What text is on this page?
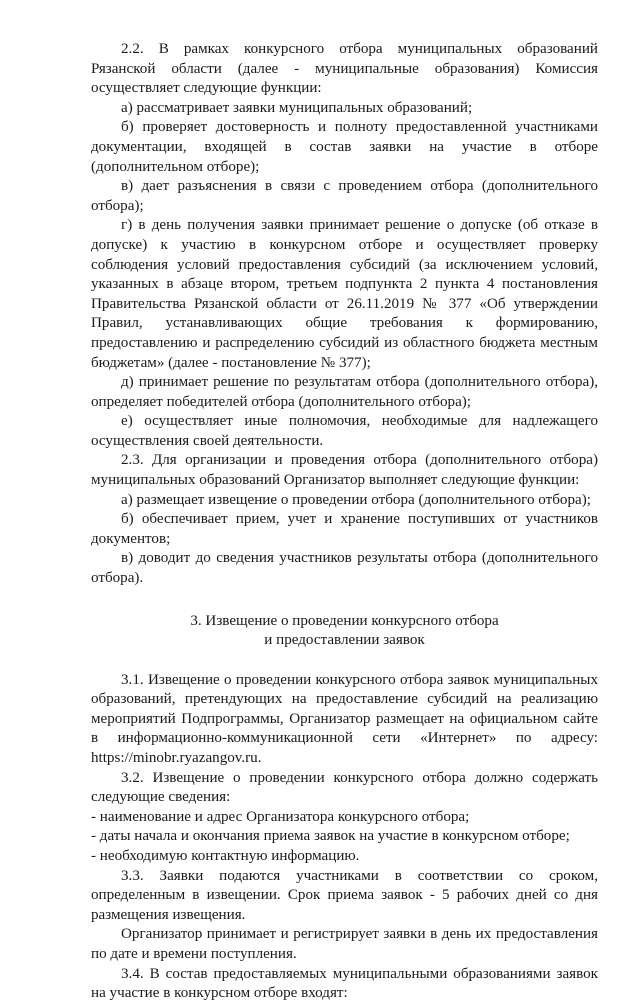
2.2. В рамках конкурсного отбора муниципальных образований Рязанской области (далее - муниципальные образования) Комиссия осуществляет следующие функции:

а) рассматривает заявки муниципальных образований;

б) проверяет достоверность и полноту предоставленной участниками документации, входящей в состав заявки на участие в отборе (дополнительном отборе);

в) дает разъяснения в связи с проведением отбора (дополнительного отбора);

г) в день получения заявки принимает решение о допуске (об отказе в допуске) к участию в конкурсном отборе и осуществляет проверку соблюдения условий предоставления субсидий (за исключением условий, указанных в абзаце втором, третьем подпункта 2 пункта 4 постановления Правительства Рязанской области от 26.11.2019 № 377 «Об утверждении Правил, устанавливающих общие требования к формированию, предоставлению и распределению субсидий из областного бюджета местным бюджетам» (далее - постановление № 377);

д) принимает решение по результатам отбора (дополнительного отбора), определяет победителей отбора (дополнительного отбора);

е) осуществляет иные полномочия, необходимые для надлежащего осуществления своей деятельности.

2.3. Для организации и проведения отбора (дополнительного отбора) муниципальных образований Организатор выполняет следующие функции:

а) размещает извещение о проведении отбора (дополнительного отбора);

б) обеспечивает прием, учет и хранение поступивших от участников документов;

в) доводит до сведения участников результаты отбора (дополнительного отбора).

3. Извещение о проведении конкурсного отбора
и предоставлении заявок

3.1. Извещение о проведении конкурсного отбора заявок муниципальных образований, претендующих на предоставление субсидий на реализацию мероприятий Подпрограммы, Организатор размещает на официальном сайте в информационно-коммуникационной сети «Интернет» по адресу: https://minobr.ryazangov.ru.

3.2. Извещение о проведении конкурсного отбора должно содержать следующие сведения:

- наименование и адрес Организатора конкурсного отбора;

- даты начала и окончания приема заявок на участие в конкурсном отборе;

- необходимую контактную информацию.

3.3. Заявки подаются участниками в соответствии со сроком, определенным в извещении. Срок приема заявок - 5 рабочих дней со дня размещения извещения.

Организатор принимает и регистрирует заявки в день их предоставления по дате и времени поступления.

3.4. В состав предоставляемых муниципальными образованиями заявок на участие в конкурсном отборе входят:
